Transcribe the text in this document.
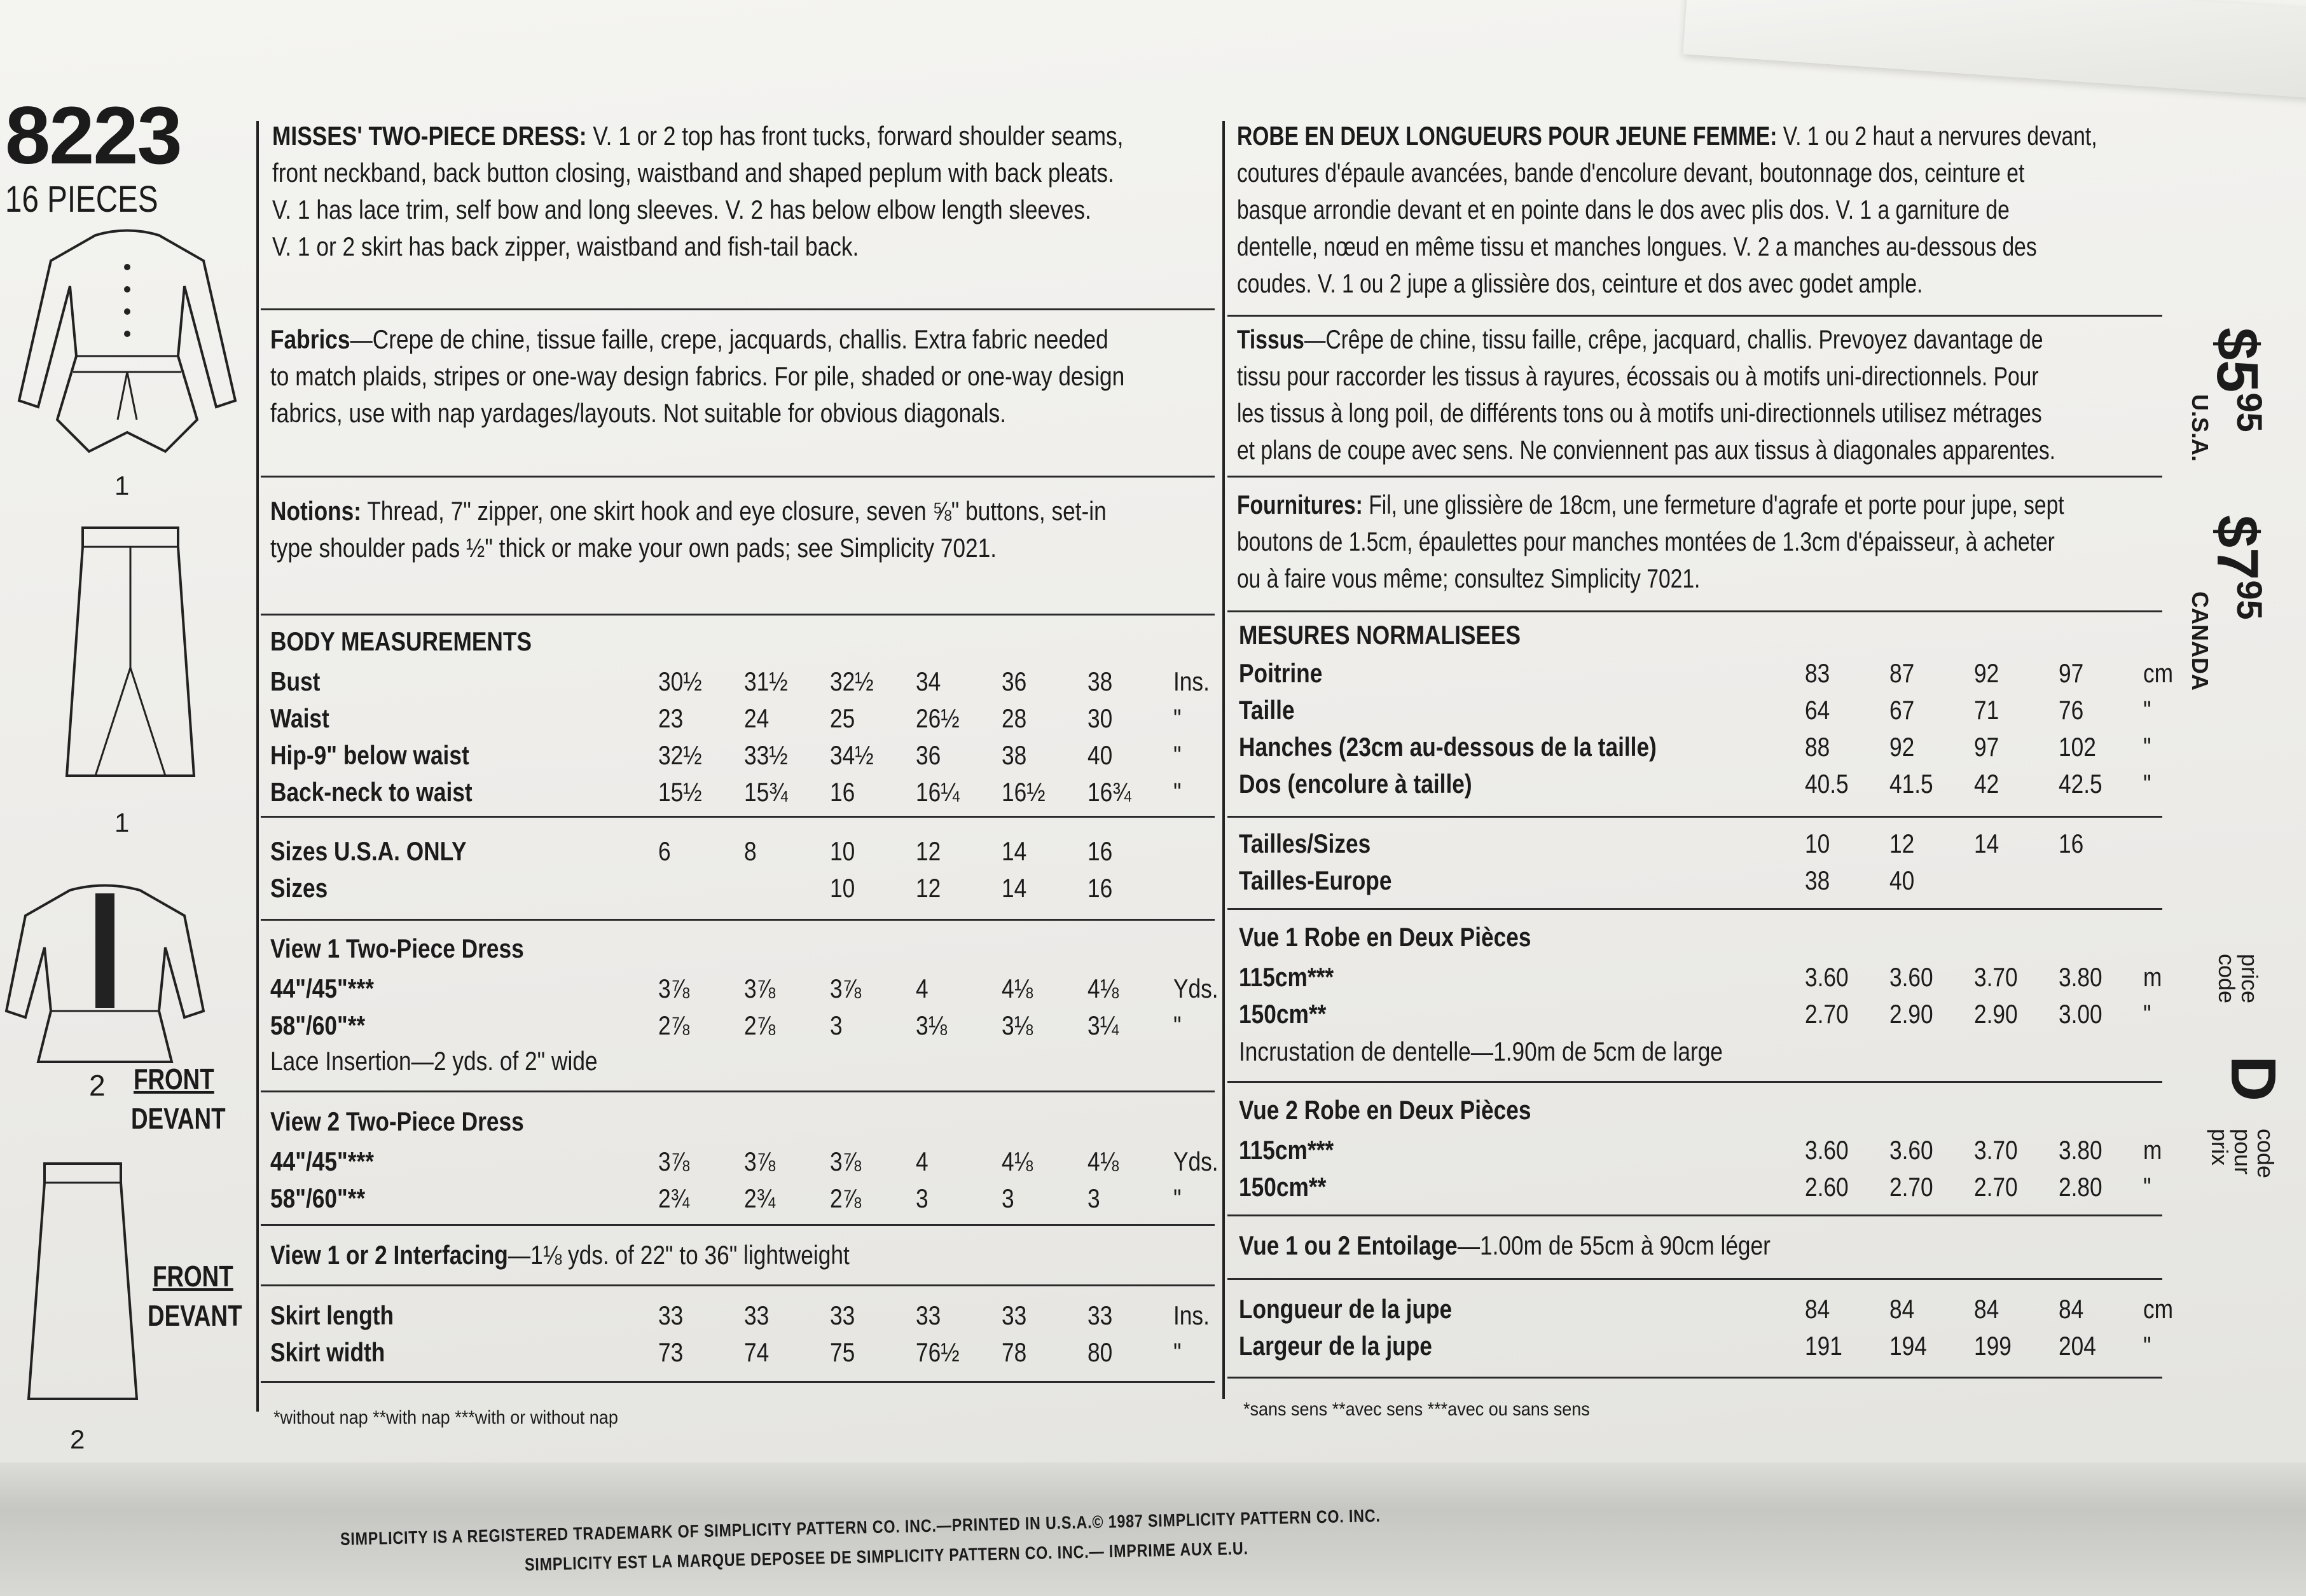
8223
16 PIECES
1
1
2 FRONT
DEVANT
2
FRONT
DEVANT

MISSES' TWO-PIECE DRESS: V. 1 or 2 top has front tucks, forward shoulder seams,

front neckband, back button closing, waistband and shaped peplum with back pleats.

V. 1 has lace trim, self bow and long sleeves. V. 2 has below elbow length sleeves.

V. 1 or 2 skirt has back zipper, waistband and fish-tail back.

Fabrics—Crepe de chine, tissue faille, crepe, jacquards, challis. Extra fabric needed

to match plaids, stripes or one-way design fabrics. For pile, shaded or one-way design

fabrics, use with nap yardages/layouts. Not suitable for obvious diagonals.

Notions: Thread, 7" zipper, one skirt hook and eye closure, seven ⅝" buttons, set-in

type shoulder pads ½" thick or make your own pads; see Simplicity 7021.

BODY MEASUREMENTS
Bust	30½	31½	32½	34	36	38	Ins.
Waist	23	24	25	26½	28	30	"
Hip-9" below waist	32½	33½	34½	36	38	40	"
Back-neck to waist	15½	15¾	16	16¼	16½	16¾	"
Sizes U.S.A. ONLY	6	8	10	12	14	16	
Sizes			10	12	14	16	
View 1 Two-Piece Dress
44"/45"***	3⅞	3⅞	3⅞	4	4⅛	4⅛	Yds.
58"/60"**	2⅞	2⅞	3	3⅛	3⅛	3¼	"
Lace Insertion—2 yds. of 2" wide
View 2 Two-Piece Dress
44"/45"***	3⅞	3⅞	3⅞	4	4⅛	4⅛	Yds.
58"/60"**	2¾	2¾	2⅞	3	3	3	"
View 1 or 2 Interfacing—1⅛ yds. of 22" to 36" lightweight
Skirt length	33	33	33	33	33	33	Ins.
Skirt width	73	74	75	76½	78	80	"
*without nap **with nap ***with or without nap

ROBE EN DEUX LONGUEURS POUR JEUNE FEMME: V. 1 ou 2 haut a nervures devant,

coutures d'épaule avancées, bande d'encolure devant, boutonnage dos, ceinture et

basque arrondie devant et en pointe dans le dos avec plis dos. V. 1 a garniture de

dentelle, nœud en même tissu et manches longues. V. 2 a manches au-dessous des

coudes. V. 1 ou 2 jupe a glissière dos, ceinture et dos avec godet ample.

Tissus—Crêpe de chine, tissu faille, crêpe, jacquard, challis. Prevoyez davantage de

tissu pour raccorder les tissus à rayures, écossais ou à motifs uni-directionnels. Pour

les tissus à long poil, de différents tons ou à motifs uni-directionnels utilisez métrages

et plans de coupe avec sens. Ne conviennent pas aux tissus à diagonales apparentes.

Fournitures: Fil, une glissière de 18cm, une fermeture d'agrafe et porte pour jupe, sept

boutons de 1.5cm, épaulettes pour manches montées de 1.3cm d'épaisseur, à acheter

ou à faire vous même; consultez Simplicity 7021.

MESURES NORMALISEES
Poitrine	83	87	92	97	cm
Taille	64	67	71	76	"
Hanches (23cm au-dessous de la taille)	88	92	97	102	"
Dos (encolure à taille)	40.5	41.5	42	42.5	"
Tailles/Sizes	10	12	14	16	
Tailles-Europe	38	40			
Vue 1 Robe en Deux Pièces
115cm***	3.60	3.60	3.70	3.80	m
150cm**	2.70	2.90	2.90	3.00	"
Incrustation de dentelle—1.90m de 5cm de large
Vue 2 Robe en Deux Pièces
115cm***	3.60	3.60	3.70	3.80	m
150cm**	2.60	2.70	2.70	2.80	"
Vue 1 ou 2 Entoilage—1.00m de 55cm à 90cm léger
Longueur de la jupe	84	84	84	84	cm
Largeur de la jupe	191	194	199	204	"
*sans sens **avec sens ***avec ou sans sens
$595
U.S.A.
$795
CANADA
price code
D
code pour prix
SIMPLICITY IS A REGISTERED TRADEMARK OF SIMPLICITY PATTERN CO. INC.—PRINTED IN U.S.A.© 1987 SIMPLICITY PATTERN CO. INC.
SIMPLICITY EST LA MARQUE DEPOSEE DE SIMPLICITY PATTERN CO. INC.— IMPRIME AUX E.U.
